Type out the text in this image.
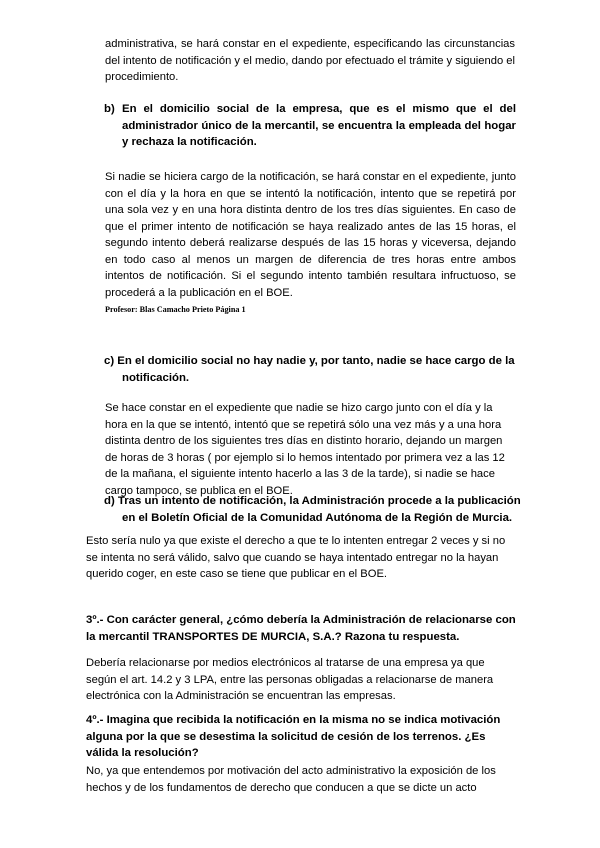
administrativa, se hará constar en el expediente, especificando las circunstancias del intento de notificación y el medio, dando por efectuado el trámite y siguiendo el procedimiento.

b) En el domicilio social de la empresa, que es el mismo que el del administrador único de la mercantil, se encuentra la empleada del hogar y rechaza la notificación.

Si nadie se hiciera cargo de la notificación, se hará constar en el expediente, junto con el día y la hora en que se intentó la notificación, intento que se repetirá por una sola vez y en una hora distinta dentro de los tres días siguientes. En caso de que el primer intento de notificación se haya realizado antes de las 15 horas, el segundo intento deberá realizarse después de las 15 horas y viceversa, dejando en todo caso al menos un margen de diferencia de tres horas entre ambos intentos de notificación. Si el segundo intento también resultara infructuoso, se procederá a la publicación en el BOE.

Profesor: Blas Camacho Prieto Página 1
c) En el domicilio social no hay nadie y, por tanto, nadie se hace cargo de la
notificación.

Se hace constar en el expediente que nadie se hizo cargo junto con el día y la hora en la que se intentó, intentó que se repetirá sólo una vez más y a una hora distinta dentro de los siguientes tres días en distinto horario, dejando un margen de horas de 3 horas ( por ejemplo si lo hemos intentado por primera vez a las 12 de la mañana, el siguiente intento hacerlo a las 3 de la tarde), si nadie se hace cargo tampoco, se publica en el BOE.

d) Tras un intento de notificación, la Administración procede a la publicación
en el Boletín Oficial de la Comunidad Autónoma de la Región de Murcia.

Esto sería nulo ya que existe el derecho a que te lo intenten entregar 2 veces y si no se intenta no será válido, salvo que cuando se haya intentado entregar no la hayan querido coger, en este caso se tiene que publicar en el BOE.

3º.- Con carácter general, ¿cómo debería la Administración de relacionarse con
la mercantil TRANSPORTES DE MURCIA, S.A.? Razona tu respuesta.

Debería relacionarse por medios electrónicos al tratarse de una empresa ya que según el art. 14.2 y 3 LPA, entre las personas obligadas a relacionarse de manera electrónica con la Administración se encuentran las empresas.

4º.- Imagina que recibida la notificación en la misma no se indica motivación alguna por la que se desestima la solicitud de cesión de los terrenos. ¿Es válida la resolución?

No, ya que entendemos por motivación del acto administrativo la exposición de los hechos y de los fundamentos de derecho que conducen a que se dicte un acto
